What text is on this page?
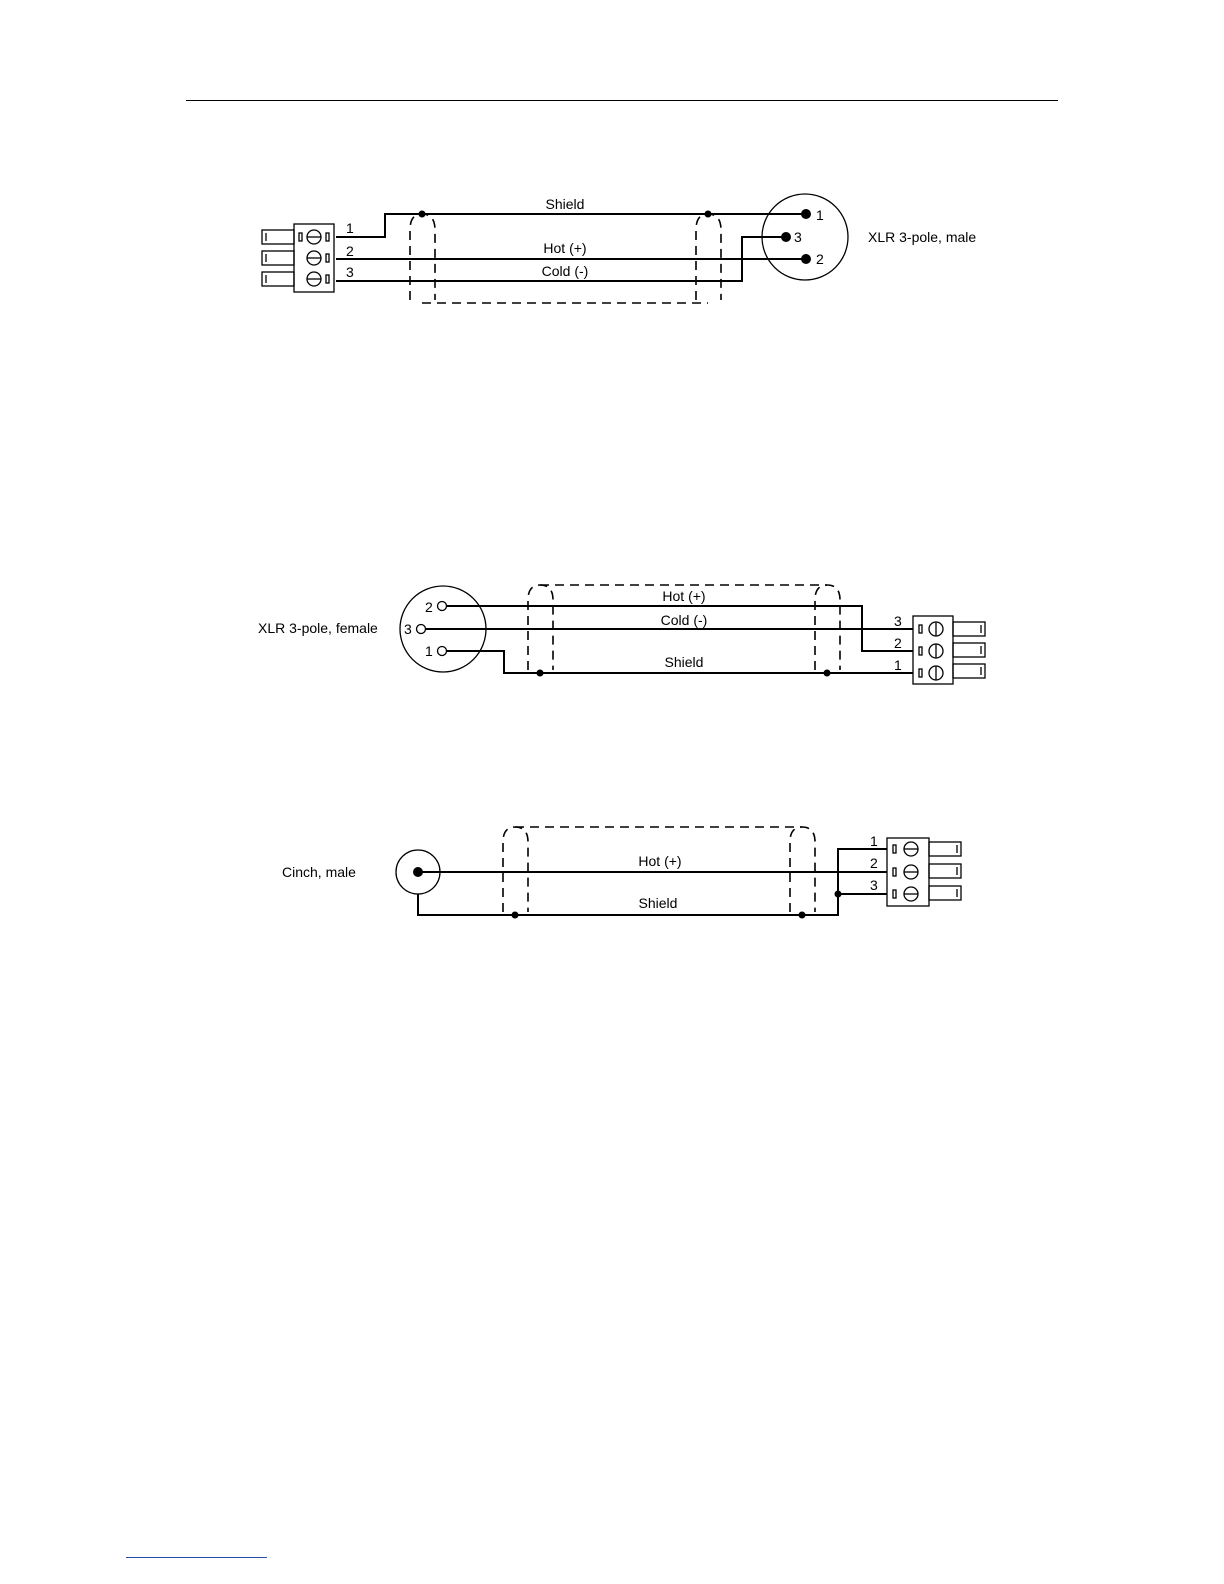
1
2
3
Shield
Hot (+)
Cold (-)
1
3
2
XLR 3-pole, male
2
3
1
XLR 3-pole, female
Hot (+)
Cold (-)
Shield
3
2
1
Cinch, male
Hot (+)
Shield
1
2
3
